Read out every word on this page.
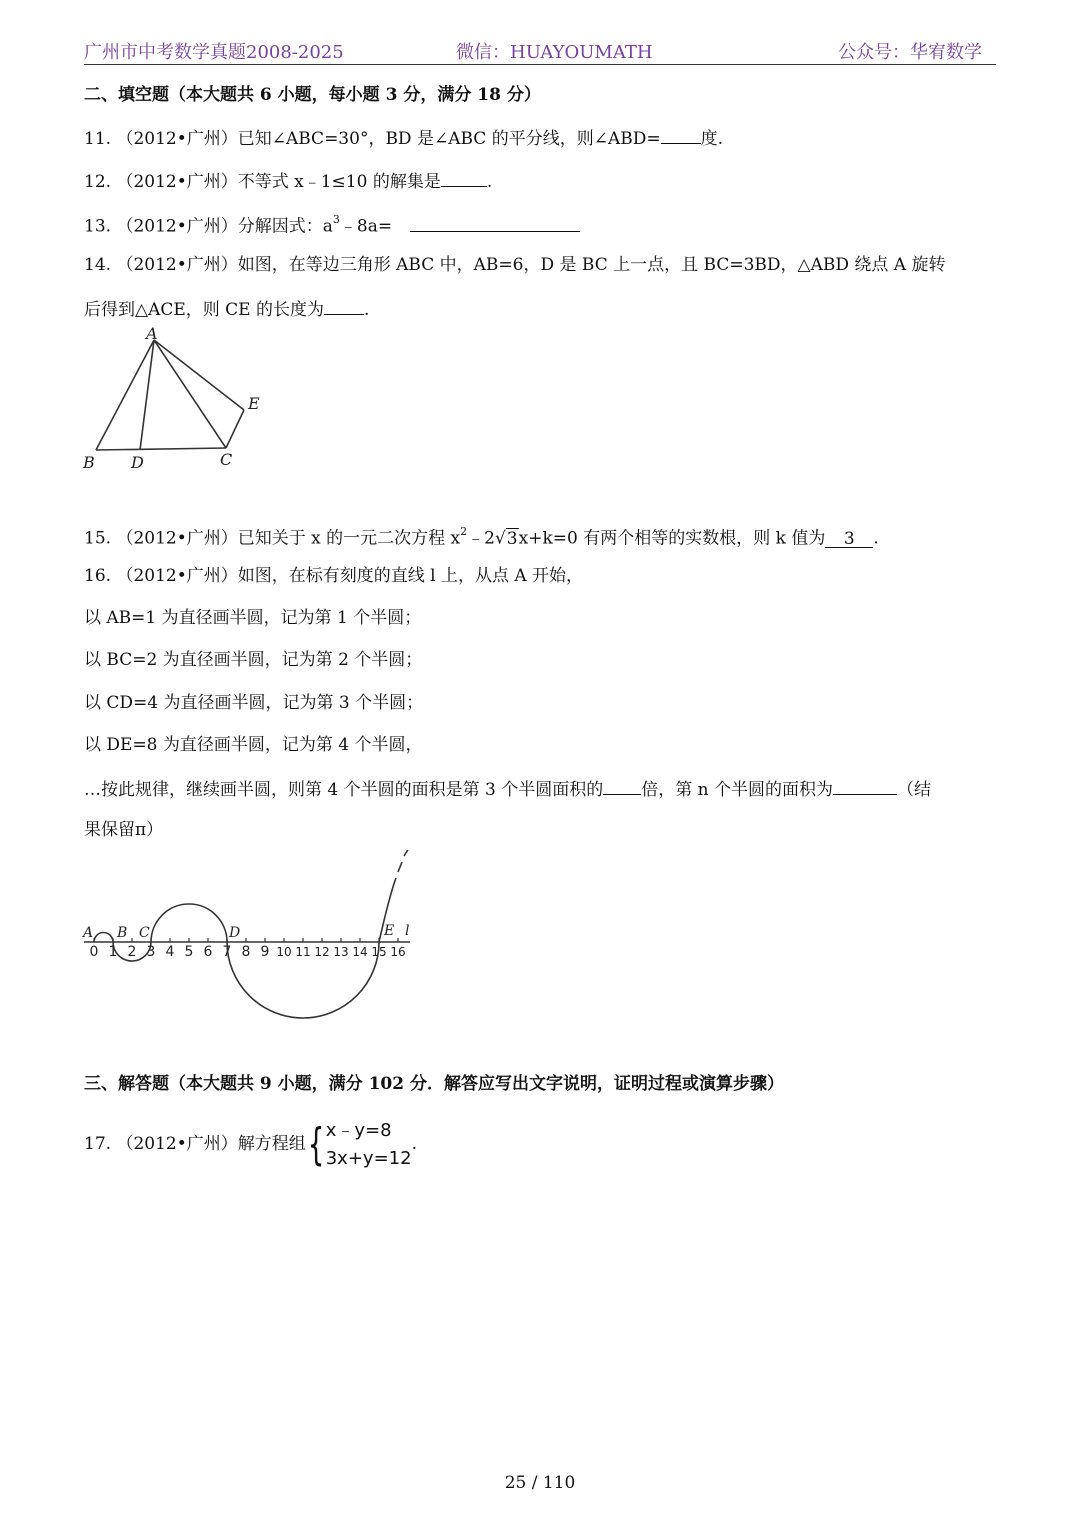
广州市中考数学真题2008-2025	微信：HUAYOUMATH	公众号：华宥数学
二、填空题（本大题共 6 小题，每小题 3 分，满分 18 分）
11. （2012•广州）已知∠ABC=30°，BD 是∠ABC 的平分线，则∠ABD= 度.
12. （2012•广州）不等式 x﹣1≤10 的解集是	.
13. （2012•广州）分解因式：$a^3﹣8a=$
14. （2012•广州）如图，在等边三角形 ABC 中，AB=6，D 是 BC 上一点，且 BC=3BD，△ABD 绕点 A 旋转
后得到△ACE，则 CE 的长度为 .
A
B D	C
E
15. （2012•广州）已知关于 x 的一元二次方程 $x^2﹣2√3x+k=0$ 有两个相等的实数根，则 k 值为 3 .
16. （2012•广州）如图，在标有刻度的直线 l 上，从点 A 开始，
以 AB=1 为直径画半圆，记为第 1 个半圆；
以 BC=2 为直径画半圆，记为第 2 个半圆；
以 CD=4 为直径画半圆，记为第 3 个半圆；
以 DE=8 为直径画半圆，记为第 4 个半圆，
…按此规律，继续画半圆，则第 4 个半圆的面积是第 3 个半圆面积的 倍，第 n 个半圆的面积为	（结
果保留π）
A B C	D	E l
0 1 2 3 4 5 6 7 8 9 10 11 12 13 14 15 16
三、解答题（本大题共 9 小题，满分 102 分．解答应写出文字说明，证明过程或演算步骤）
17. （2012•广州）解方程组{ x﹣y=8
3x+y=12
.
25 / 110
